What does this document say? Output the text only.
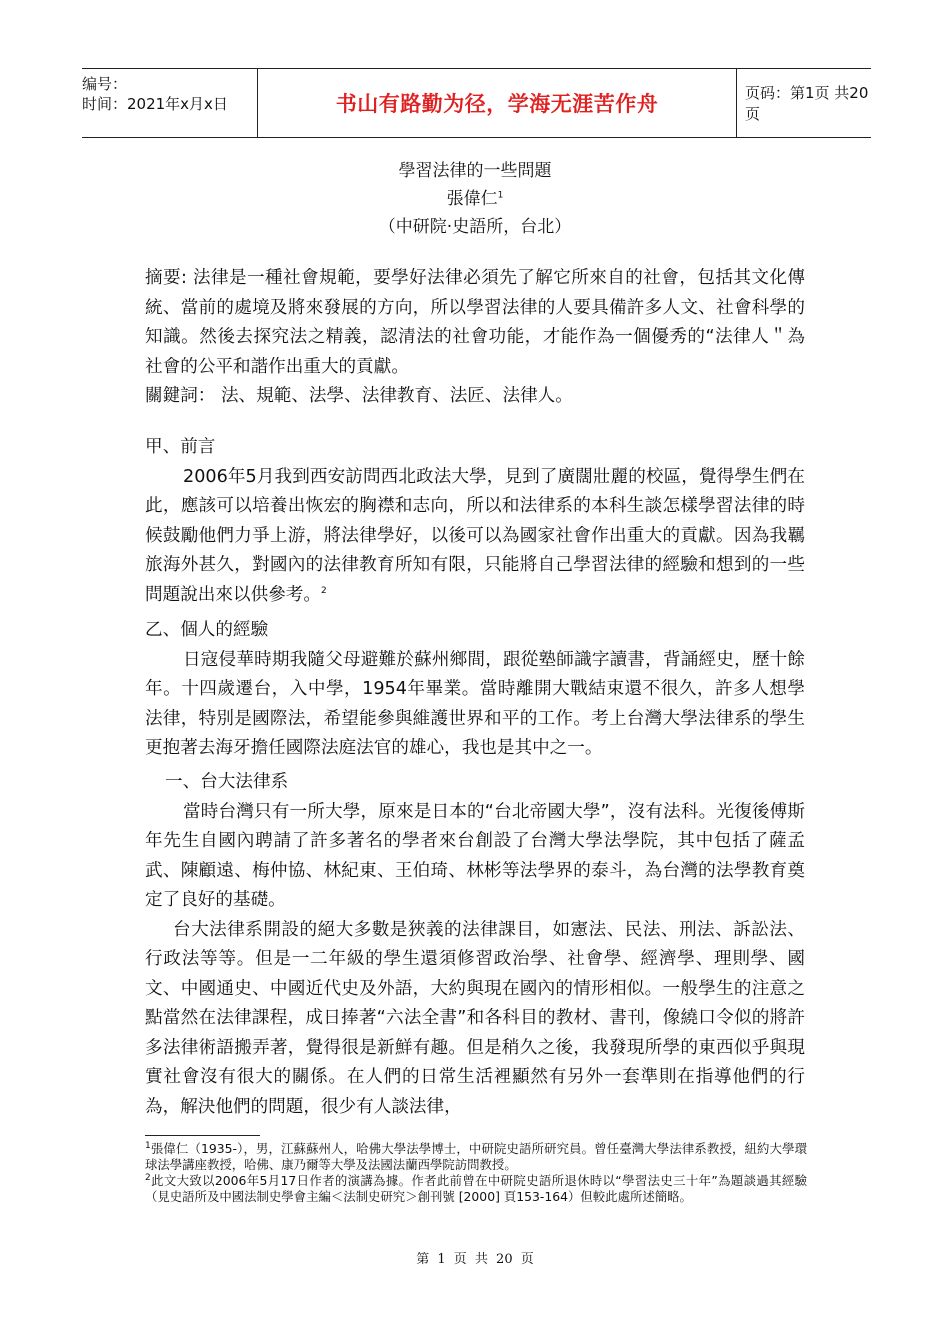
编号：
时间：2021年x月x日	书山有路勤为径，学海无涯苦作舟	页码：第1页 共20页
學習法律的一些問題
張偉仁$^1$
（中研院·史語所，台北）

摘要: 法律是一種社會規範，要學好法律必須先了解它所來自的社會，包括其文化傳統、當前的處境及將來發展的方向，所以學習法律的人要具備許多人文、社會科學的知識。然後去探究法之精義，認清法的社會功能，才能作為一個優秀的“法律人＂為社會的公平和諧作出重大的貢獻。

關鍵詞： 法、規範、法學、法律教育、法匠、法律人。

甲、前言

2006年5月我到西安訪問西北政法大學，見到了廣闊壯麗的校區，覺得學生們在此，應該可以培養出恢宏的胸襟和志向，所以和法律系的本科生談怎樣學習法律的時候鼓勵他們力爭上游，將法律學好，以後可以為國家社會作出重大的貢獻。因為我羈旅海外甚久，對國內的法律教育所知有限，只能將自己學習法律的經驗和想到的一些問題說出來以供參考。$^2$

乙、個人的經驗

日寇侵華時期我隨父母避難於蘇州鄉間，跟從塾師識字讀書，背誦經史，歷十餘年。十四歲遷台，入中學，1954年畢業。當時離開大戰結束還不很久，許多人想學法律，特別是國際法，希望能參與維護世界和平的工作。考上台灣大學法律系的學生更抱著去海牙擔任國際法庭法官的雄心，我也是其中之一。

一、台大法律系

當時台灣只有一所大學，原來是日本的“台北帝國大學”，沒有法科。光復後傅斯年先生自國內聘請了許多著名的學者來台創設了台灣大學法學院，其中包括了薩孟武、陳顧遠、梅仲協、林紀東、王伯琦、林彬等法學界的泰斗，為台灣的法學教育奠定了良好的基礎。

台大法律系開設的絕大多數是狹義的法律課目，如憲法、民法、刑法、訴訟法、行政法等等。但是一二年級的學生還須修習政治學、社會學、經濟學、理則學、國文、中國通史、中國近代史及外語，大約與現在國內的情形相似。一般學生的注意之點當然在法律課程，成日捧著“六法全書”和各科目的教材、書刊，像繞口令似的將許多法律術語搬弄著，覺得很是新鮮有趣。但是稍久之後，我發現所學的東西似乎與現實社會沒有很大的關係。在人們的日常生活裡顯然有另外一套準則在指導他們的行為，解決他們的問題，很少有人談法律，

$^1$張偉仁（1935-），男，江蘇蘇州人，哈佛大學法學博士，中研院史語所研究員。曾任臺灣大學法律系教授，紐約大學環球法學講座教授，哈佛、康乃爾等大學及法國法蘭西學院訪問教授。

$^2$此文大致以2006年5月17日作者的演講為據。作者此前曾在中研院史語所退休時以“學習法史三十年”為題談過其經驗（見史語所及中國法制史學會主編＜法制史研究＞創刊號 [2000] 頁153-164）但較此處所述簡略。

第 1 页 共 20 页
